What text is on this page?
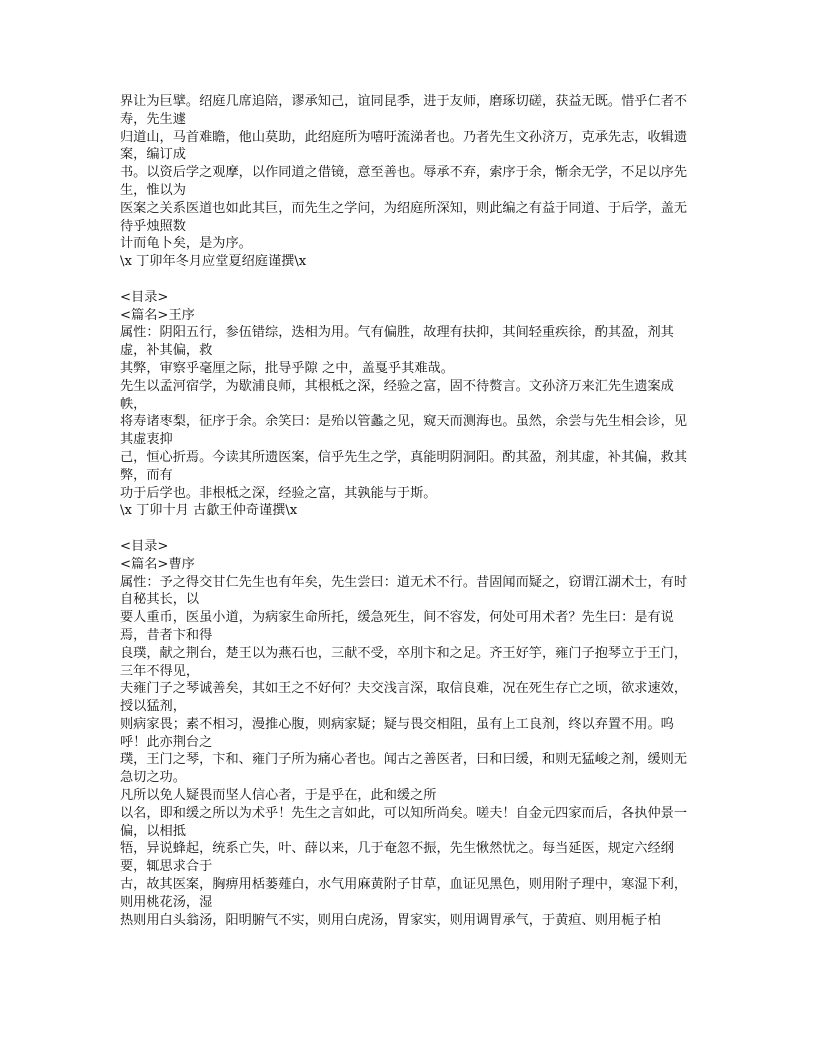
界让为巨擘。绍庭几席追陪，谬承知己，谊同昆季，进于友师，磨琢切磋，获益无既。惜乎仁者不寿，先生遽

归道山，马首难瞻，他山莫助，此绍庭所为嘻吁流涕者也。乃者先生文孙济万，克承先志，收辑遗案，编订成

书。以资后学之观摩，以作同道之借镜，意至善也。辱承不弃，索序于余，惭余无学，不足以序先生，惟以为

医案之关系医道也如此其巨，而先生之学问，为绍庭所深知，则此编之有益于同道、于后学，盖无待乎烛照数

计而龟卜矣，是为序。

\x 丁卯年冬月应堂夏绍庭谨撰\x

<目录>

<篇名>王序

属性：阴阳五行，参伍错综，迭相为用。气有偏胜，故理有扶抑，其间轻重疾徐，酌其盈，剂其虚，补其偏，救

其弊，审察乎毫厘之际，批导乎隙 之中，盖戛乎其难哉。

先生以孟河宿学，为歇浦良师，其根柢之深，经验之富，固不待赘言。文孙济万来汇先生遗案成帙，

将寿诸枣梨，征序于余。余笑曰：是殆以管蠡之见，窥天而测海也。虽然，余尝与先生相会诊，见其虚衷抑

己，恒心折焉。今读其所遗医案，信乎先生之学，真能明阴洞阳。酌其盈，剂其虚，补其偏，救其弊，而有

功于后学也。非根柢之深，经验之富，其孰能与于斯。

\x 丁卯十月 古歙王仲奇谨撰\x

<目录>

<篇名>曹序

属性：予之得交甘仁先生也有年矣，先生尝曰：道无术不行。昔固闻而疑之，窃谓江湖术士，有时自秘其长，以

要人重币，医虽小道，为病家生命所托，缓急死生，间不容发，何处可用术者？先生曰：是有说焉，昔者卞和得

良璞，献之荆台，楚王以为燕石也，三献不受，卒刖卞和之足。齐王好竽，雍门子抱琴立于王门，三年不得见，

夫雍门子之琴诚善矣，其如王之不好何？夫交浅言深，取信良难，况在死生存亡之顷，欲求速效，授以猛剂，

则病家畏；素不相习，漫推心腹，则病家疑；疑与畏交相阻，虽有上工良剂，终以弃置不用。呜呼！此亦荆台之

璞，王门之琴，卞和、雍门子所为痛心者也。闻古之善医者，曰和曰缓，和则无猛峻之剂，缓则无急切之功。

凡所以免人疑畏而坚人信心者，于是乎在，此和缓之所

以名，即和缓之所以为术乎！先生之言如此，可以知所尚矣。嗟夫！自金元四家而后，各执仲景一偏，以相抵

牾，异说蜂起，统系亡失，叶、薛以来，几于奄忽不振，先生愀然忧之。每当延医，规定六经纲要，辄思求合于

古，故其医案，胸痹用栝蒌薤白，水气用麻黄附子甘草，血证见黑色，则用附子理中，寒湿下利，则用桃花汤，湿

热则用白头翁汤，阳明腑气不实，则用白虎汤，胃家实，则用调胃承气，于黄疸、则用栀子柏
